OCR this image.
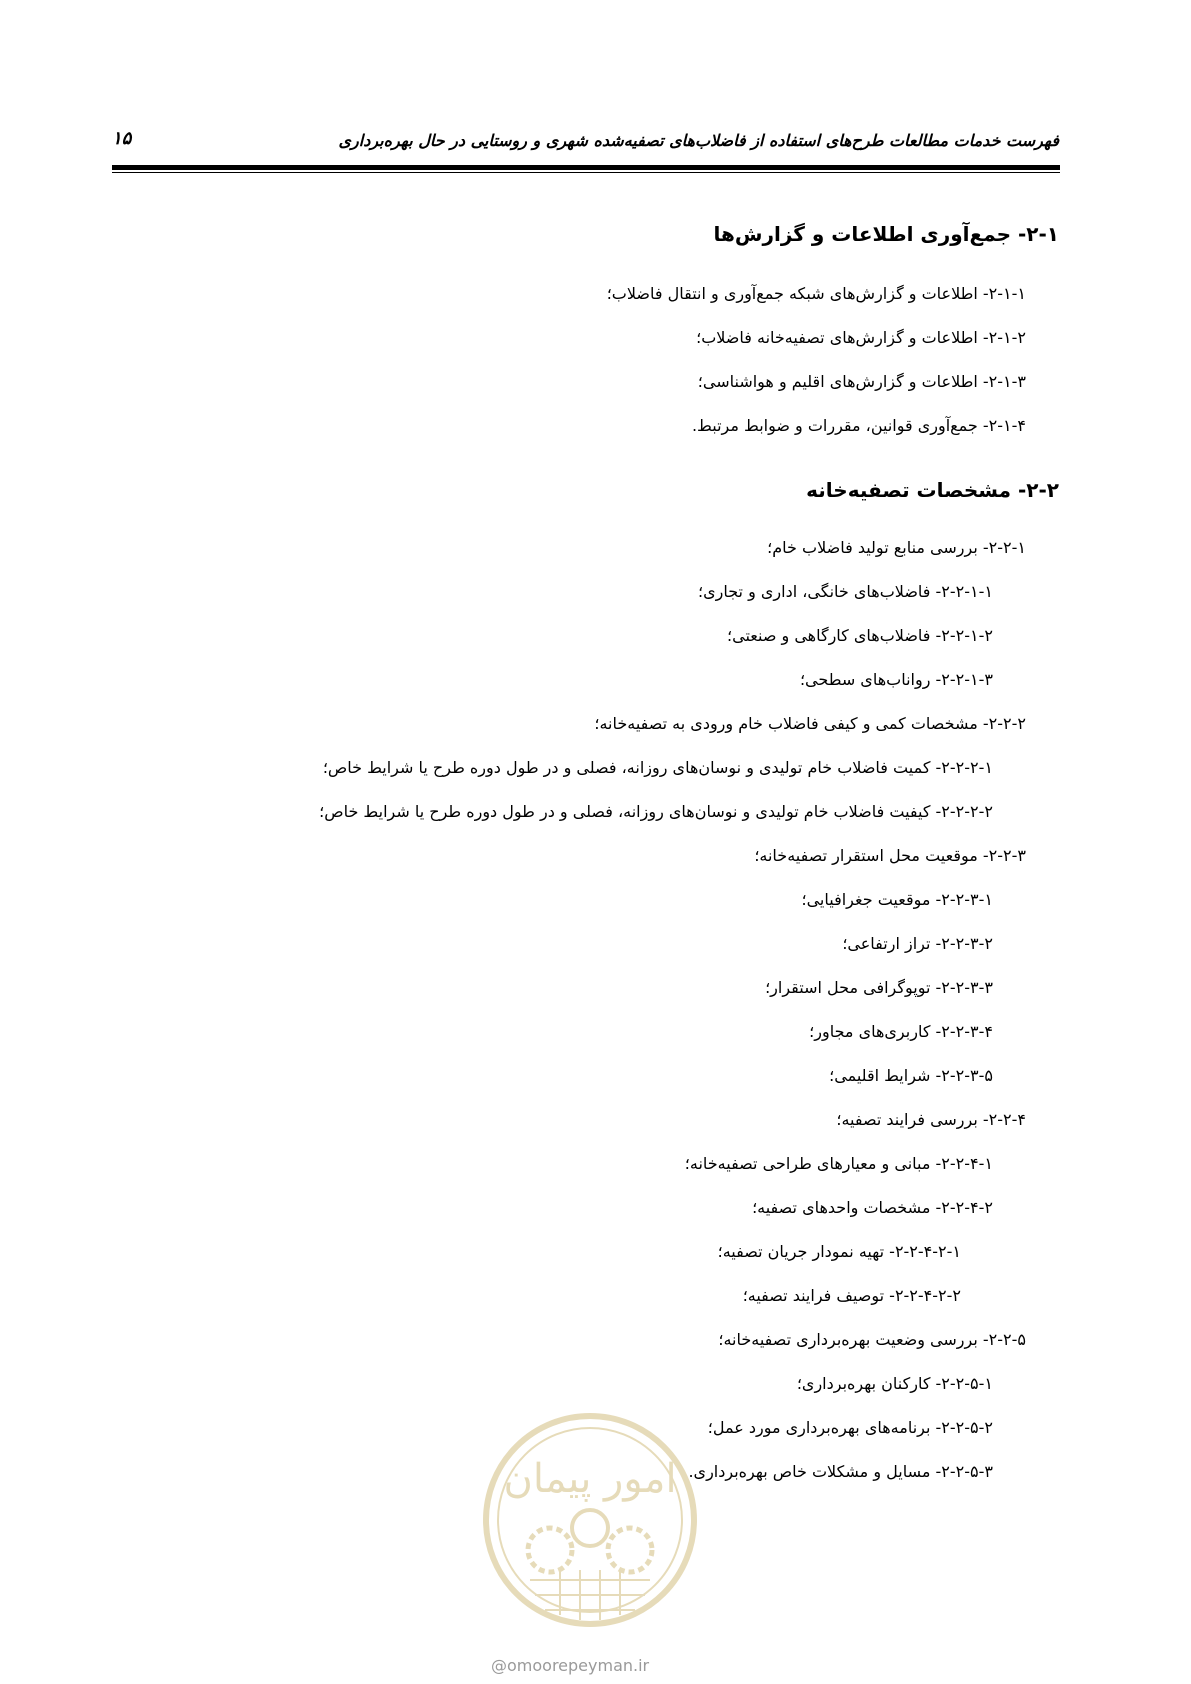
فهرست خدمات مطالعات طرح‌های استفاده از فاضلاب‌های تصفیه‌شده شهری و روستایی در حال بهره‌برداری
۱۵
۲-۱- جمع‌آوری اطلاعات و گزارش‌ها
۲-۱-۱- اطلاعات و گزارش‌های شبکه جمع‌آوری و انتقال فاضلاب؛
۲-۱-۲- اطلاعات و گزارش‌های تصفیه‌خانه فاضلاب؛
۲-۱-۳- اطلاعات و گزارش‌های اقلیم و هواشناسی؛
۲-۱-۴- جمع‌آوری قوانین، مقررات و ضوابط مرتبط.
۲-۲- مشخصات تصفیه‌خانه
۲-۲-۱- بررسی منابع تولید فاضلاب خام؛
۲-۲-۱-۱- فاضلاب‌های خانگی، اداری و تجاری؛
۲-۲-۱-۲- فاضلاب‌های کارگاهی و صنعتی؛
۲-۲-۱-۳- رواناب‌های سطحی؛
۲-۲-۲- مشخصات کمی و کیفی فاضلاب خام ورودی به تصفیه‌خانه؛
۲-۲-۲-۱- کمیت فاضلاب خام تولیدی و نوسان‌های روزانه، فصلی و در طول دوره طرح یا شرایط خاص؛
۲-۲-۲-۲- کیفیت فاضلاب خام تولیدی و نوسان‌های روزانه، فصلی و در طول دوره طرح یا شرایط خاص؛
۲-۲-۳- موقعیت محل استقرار تصفیه‌خانه؛
۲-۲-۳-۱- موقعیت جغرافیایی؛
۲-۲-۳-۲- تراز ارتفاعی؛
۲-۲-۳-۳- توپوگرافی محل استقرار؛
۲-۲-۳-۴- کاربری‌های مجاور؛
۲-۲-۳-۵- شرایط اقلیمی؛
۲-۲-۴- بررسی فرایند تصفیه؛
۲-۲-۴-۱- مبانی و معیارهای طراحی تصفیه‌خانه؛
۲-۲-۴-۲- مشخصات واحدهای تصفیه؛
۲-۲-۴-۲-۱- تهیه نمودار جریان تصفیه؛
۲-۲-۴-۲-۲- توصیف فرایند تصفیه؛
۲-۲-۵- بررسی وضعیت بهره‌برداری تصفیه‌خانه؛
۲-۲-۵-۱- کارکنان بهره‌برداری؛
۲-۲-۵-۲- برنامه‌های بهره‌برداری مورد عمل؛
۲-۲-۵-۳- مسایل و مشکلات خاص بهره‌برداری.
امور پیمان
@omoorepeyman.ir
